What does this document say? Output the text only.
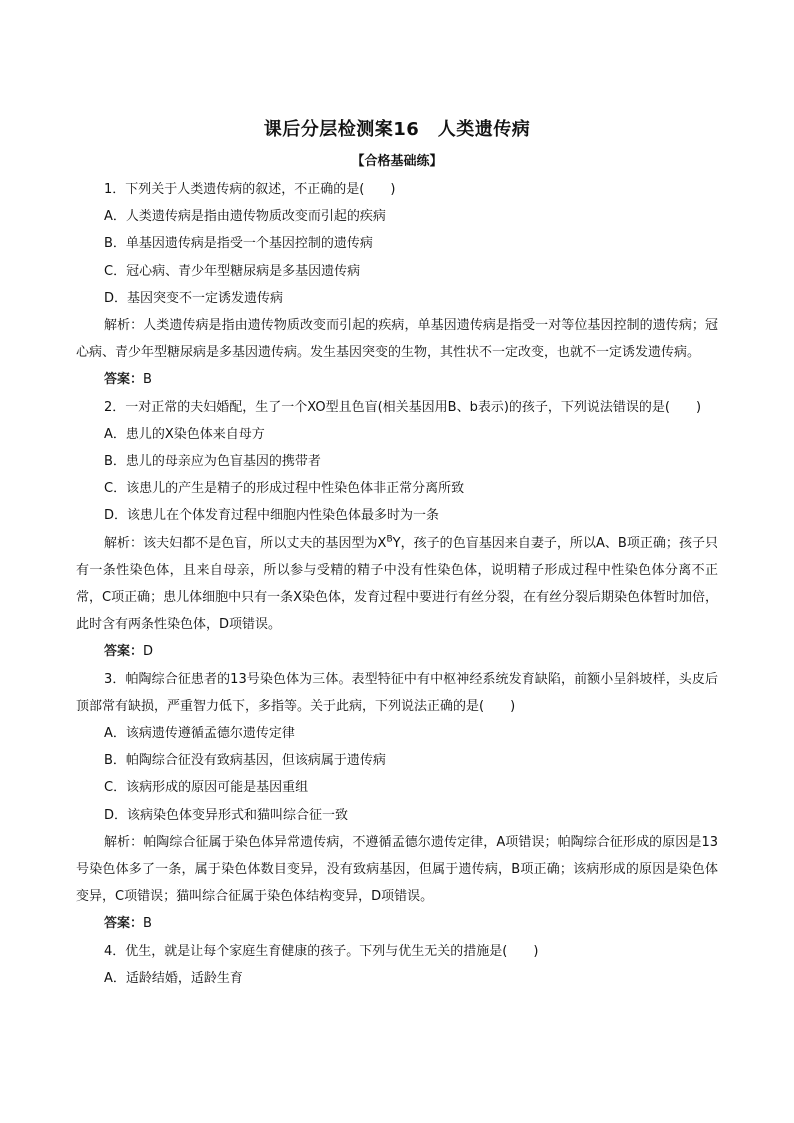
课后分层检测案16　人类遗传病
【合格基础练】

1．下列关于人类遗传病的叙述，不正确的是(　　)

A．人类遗传病是指由遗传物质改变而引起的疾病

B．单基因遗传病是指受一个基因控制的遗传病

C．冠心病、青少年型糖尿病是多基因遗传病

D．基因突变不一定诱发遗传病

解析：人类遗传病是指由遗传物质改变而引起的疾病，单基因遗传病是指受一对等位基因控制的遗传病；冠心病、青少年型糖尿病是多基因遗传病。发生基因突变的生物，其性状不一定改变，也就不一定诱发遗传病。

答案：B

2．一对正常的夫妇婚配，生了一个XO型且色盲(相关基因用B、b表示)的孩子，下列说法错误的是(　　)

A．患儿的X染色体来自母方

B．患儿的母亲应为色盲基因的携带者

C．该患儿的产生是精子的形成过程中性染色体非正常分离所致

D．该患儿在个体发育过程中细胞内性染色体最多时为一条

解析：该夫妇都不是色盲，所以丈夫的基因型为$X^BY$，孩子的色盲基因来自妻子，所以A、B项正确；孩子只有一条性染色体，且来自母亲，所以参与受精的精子中没有性染色体，说明精子形成过程中性染色体分离不正常，C项正确；患儿体细胞中只有一条X染色体，发育过程中要进行有丝分裂，在有丝分裂后期染色体暂时加倍，此时含有两条性染色体，D项错误。

答案：D

3．帕陶综合征患者的13号染色体为三体。表型特征中有中枢神经系统发育缺陷，前额小呈斜坡样，头皮后顶部常有缺损，严重智力低下，多指等。关于此病，下列说法正确的是(　　)

A．该病遗传遵循孟德尔遗传定律

B．帕陶综合征没有致病基因，但该病属于遗传病

C．该病形成的原因可能是基因重组

D．该病染色体变异形式和猫叫综合征一致

解析：帕陶综合征属于染色体异常遗传病，不遵循孟德尔遗传定律，A项错误；帕陶综合征形成的原因是13号染色体多了一条，属于染色体数目变异，没有致病基因，但属于遗传病，B项正确；该病形成的原因是染色体变异，C项错误；猫叫综合征属于染色体结构变异，D项错误。

答案：B

4．优生，就是让每个家庭生育健康的孩子。下列与优生无关的措施是(　　)

A．适龄结婚，适龄生育
